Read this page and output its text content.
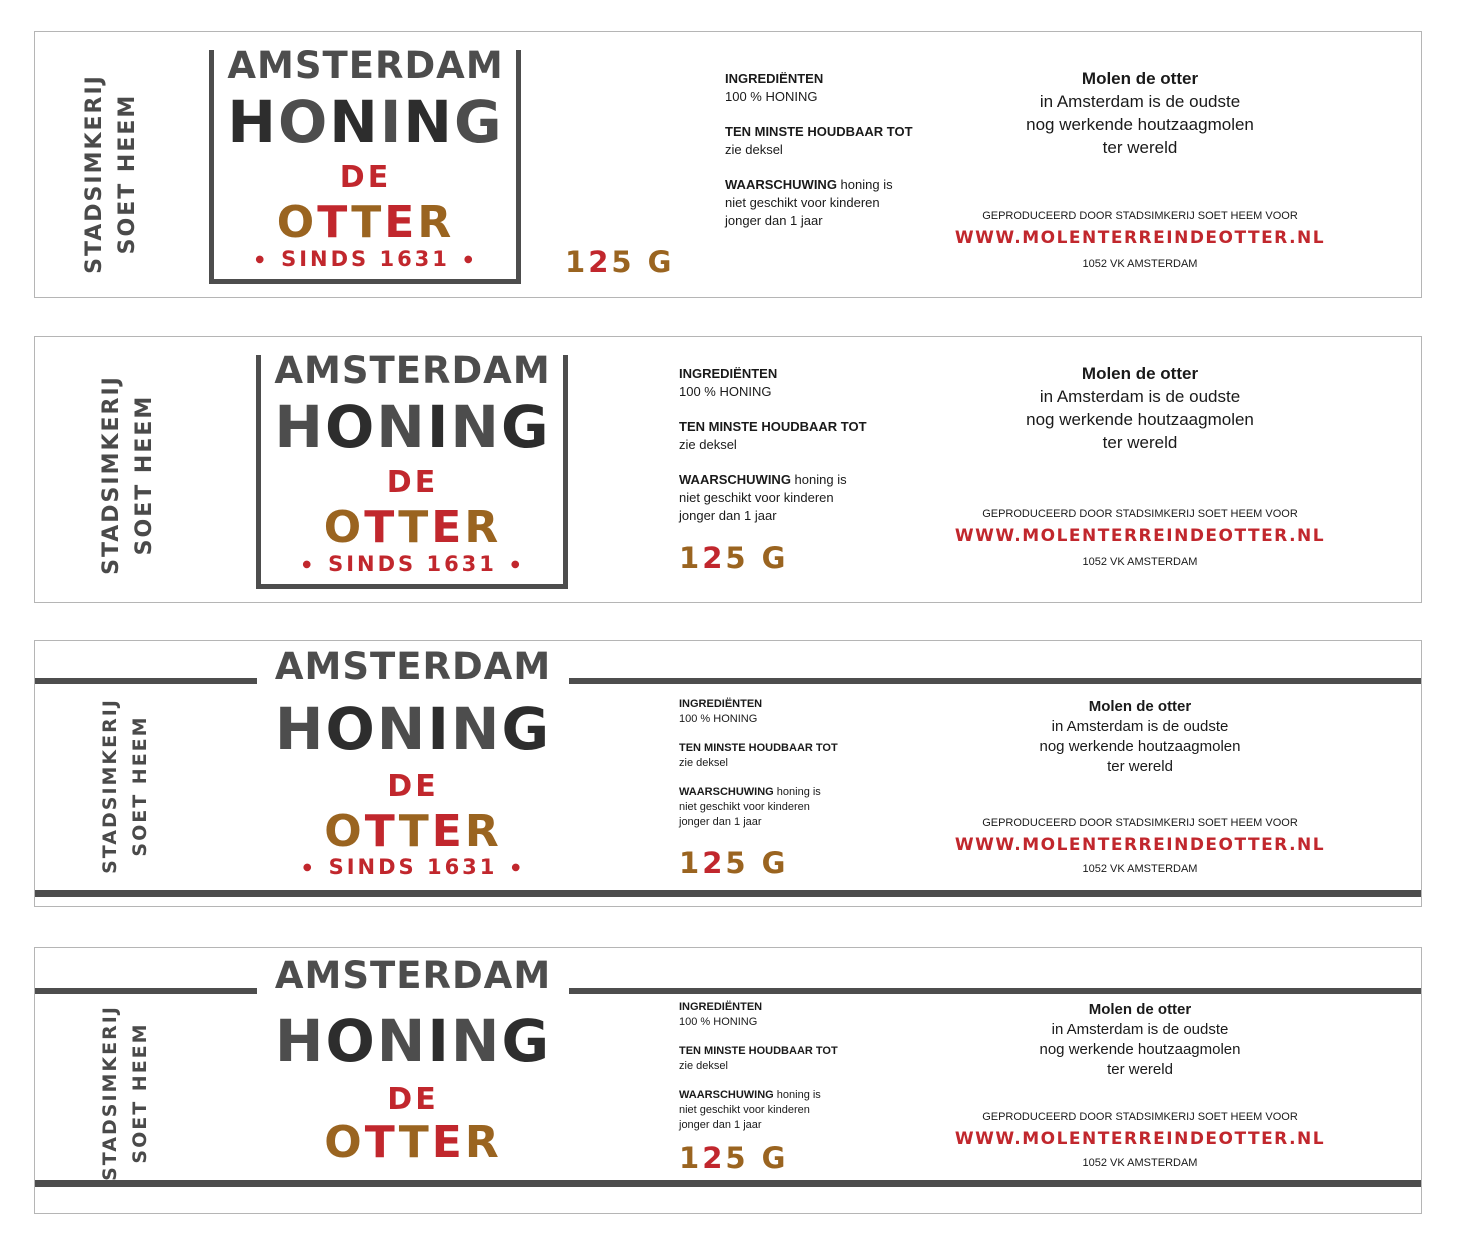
STADSIMKERIJ SOET HEEM
AMSTERDAM
HONING
DE
OTTER
● SINDS 1631 ●	125 G
INGREDIËNTEN
100 % HONING
TEN MINSTE HOUDBAAR TOT
zie deksel
WAARSCHUWING honing is
niet geschikt voor kinderen
jonger dan 1 jaar
Molen de otter
in Amsterdam is de oudste
nog werkende houtzaagmolen
ter wereld
GEPRODUCEERD DOOR STADSIMKERIJ SOET HEEM VOOR
WWW.MOLENTERREINDEOTTER.NL
1052 VK AMSTERDAM
STADSIMKERIJ SOET HEEM
AMSTERDAM
HONING
DE
OTTER
● SINDS 1631 ●
INGREDIËNTEN
100 % HONING
TEN MINSTE HOUDBAAR TOT
zie deksel
WAARSCHUWING honing is
niet geschikt voor kinderen
jonger dan 1 jaar
125 G
Molen de otter
in Amsterdam is de oudste
nog werkende houtzaagmolen
ter wereld
GEPRODUCEERD DOOR STADSIMKERIJ SOET HEEM VOOR
WWW.MOLENTERREINDEOTTER.NL
1052 VK AMSTERDAM
STADSIMKERIJ SOET HEEM
AMSTERDAM
HONING
DE
OTTER
● SINDS 1631 ●
INGREDIËNTEN
100 % HONING
TEN MINSTE HOUDBAAR TOT
zie deksel
WAARSCHUWING honing is
niet geschikt voor kinderen
jonger dan 1 jaar
125 G
Molen de otter
in Amsterdam is de oudste
nog werkende houtzaagmolen
ter wereld
GEPRODUCEERD DOOR STADSIMKERIJ SOET HEEM VOOR
WWW.MOLENTERREINDEOTTER.NL
1052 VK AMSTERDAM
STADSIMKERIJ SOET HEEM
AMSTERDAM
HONING
DE
OTTER
INGREDIËNTEN
100 % HONING
TEN MINSTE HOUDBAAR TOT
zie deksel
WAARSCHUWING honing is
niet geschikt voor kinderen
jonger dan 1 jaar
125 G
Molen de otter
in Amsterdam is de oudste
nog werkende houtzaagmolen
ter wereld
GEPRODUCEERD DOOR STADSIMKERIJ SOET HEEM VOOR
WWW.MOLENTERREINDEOTTER.NL
1052 VK AMSTERDAM
